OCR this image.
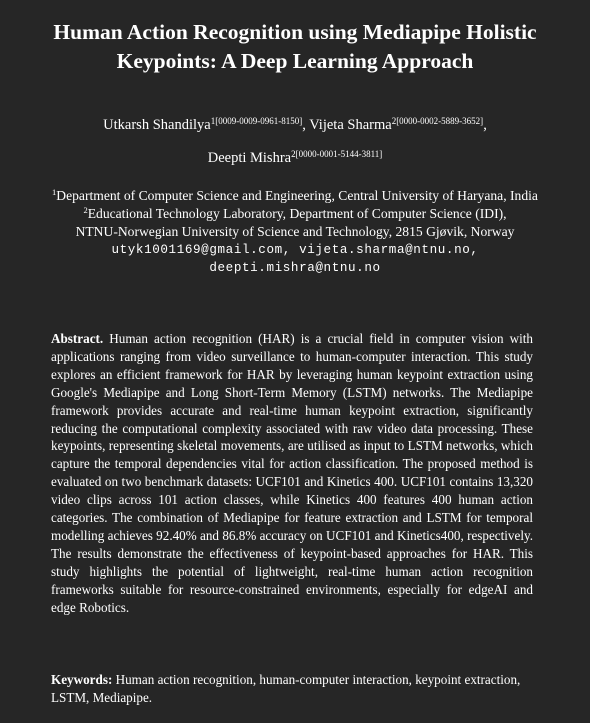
Human Action Recognition using Mediapipe Holistic
Keypoints: A Deep Learning Approach
Utkarsh Shandilya$^{1[0009-0009-0961-8150]}$, Vijeta Sharma$^{2[0000-0002-5889-3652]}$,
Deepti Mishra$^{2[0000-0001-5144-3811]}$
$^1$Department of Computer Science and Engineering, Central University of Haryana, India
$^2$Educational Technology Laboratory, Department of Computer Science (IDI),
NTNU-Norwegian University of Science and Technology, 2815 Gjøvik, Norway
utyk1001169@gmail.com, vijeta.sharma@ntnu.no,
deepti.mishra@ntnu.no

Abstract. Human action recognition (HAR) is a crucial field in computer vision with applications ranging from video surveillance to human-computer interaction. This study explores an efficient framework for HAR by leveraging human keypoint extraction using Google's Mediapipe and Long Short-Term Memory (LSTM) networks. The Mediapipe framework provides accurate and real-time human keypoint extraction, significantly reducing the computational complexity associated with raw video data processing. These keypoints, representing skeletal movements, are utilised as input to LSTM networks, which capture the temporal dependencies vital for action classification. The proposed method is evaluated on two benchmark datasets: UCF101 and Kinetics 400. UCF101 contains 13,320 video clips across 101 action classes, while Kinetics 400 features 400 human action categories. The combination of Mediapipe for feature extraction and LSTM for temporal modelling achieves 92.40% and 86.8% accuracy on UCF101 and Kinetics400, respectively. The results demonstrate the effectiveness of keypoint-based approaches for HAR. This study highlights the potential of lightweight, real-time human action recognition frameworks suitable for resource-constrained environments, especially for edgeAI and edge Robotics.

Keywords: Human action recognition, human-computer interaction, keypoint extraction, LSTM, Mediapipe.
